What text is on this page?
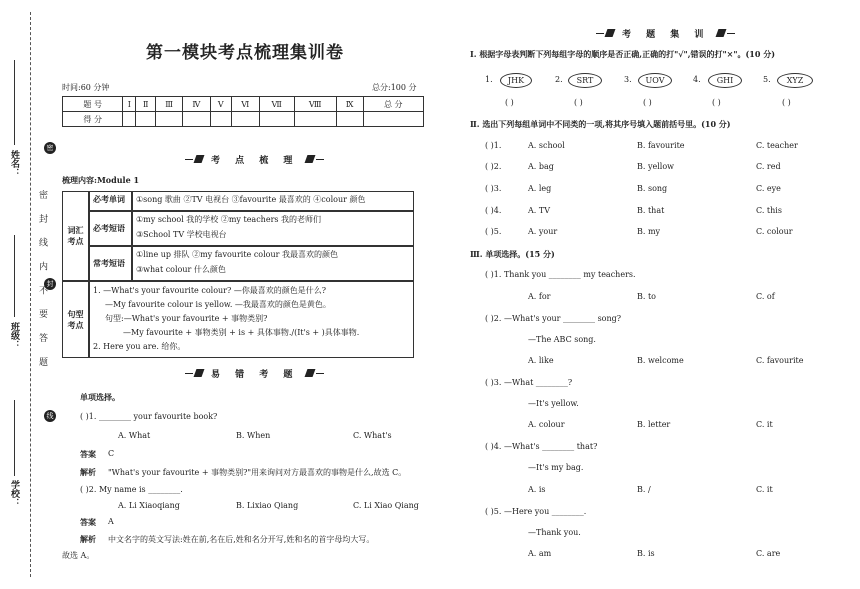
姓名：
班级：
学校：
密
封
线
密 封 线 内 不 要 答 题
第一模块考点梳理集训卷
时间:60 分钟	总分:100 分
题 号	Ⅰ	Ⅱ	Ⅲ	Ⅳ	Ⅴ	Ⅵ	Ⅶ	Ⅷ	Ⅸ	总 分
得 分										
考 点 梳 理
梳理内容:Module 1
词汇考点
必考单词	①song 歌曲 ②TV 电视台 ③favourite 最喜欢的 ④colour 颜色
必考短语
①my school 我的学校 ②my teachers 我的老师们
③School TV 学校电视台
常考短语
①line up 排队 ②my favourite colour 我最喜欢的颜色
③what colour 什么颜色
句型考点
1. —What's your favourite colour? —你最喜欢的颜色是什么?
—My favourite colour is yellow. —我最喜欢的颜色是黄色。
句型:—What's your favourite + 事物类别?
—My favourite + 事物类别 + is + 具体事物./(It's + )具体事物.
2. Here you are. 给你。
易 错 考 题
单项选择。
( )1. ________ your favourite book?
A. What	B. When	C. What's
答案 C
解析 "What's your favourite + 事物类别?"用来询问对方最喜欢的事物是什么,故选 C。
( )2. My name is ________.
A. Li Xiaoqiang	B. Lixiao Qiang	C. Li Xiao Qiang
答案 A
解析 中文名字的英文写法:姓在前,名在后,姓和名分开写,姓和名的首字母均大写。
故选 A。
考 题 集 训
Ⅰ. 根据字母表判断下列每组字母的顺序是否正确,正确的打"√",错误的打"×"。(10 分)
1.	JHK	2.	SRT	3.	UOV	4.	GHI	5.	XYZ
( )	( )	( )	( )	( )
Ⅱ. 选出下列每组单词中不同类的一项,将其序号填入题前括号里。(10 分)
( )1.	A. school	B. favourite	C. teacher
( )2.	A. bag	B. yellow	C. red
( )3.	A. leg	B. song	C. eye
( )4.	A. TV	B. that	C. this
( )5.	A. your	B. my	C. colour
Ⅲ. 单项选择。(15 分)
( )1. Thank you ________ my teachers.
A. for	B. to	C. of
( )2. —What's your ________ song?
—The ABC song.
A. like	B. welcome	C. favourite
( )3. —What ________?
—It's yellow.
A. colour	B. letter	C. it
( )4. —What's ________ that?
—It's my bag.
A. is	B. /	C. it
( )5. —Here you ________.
—Thank you.
A. am	B. is	C. are
